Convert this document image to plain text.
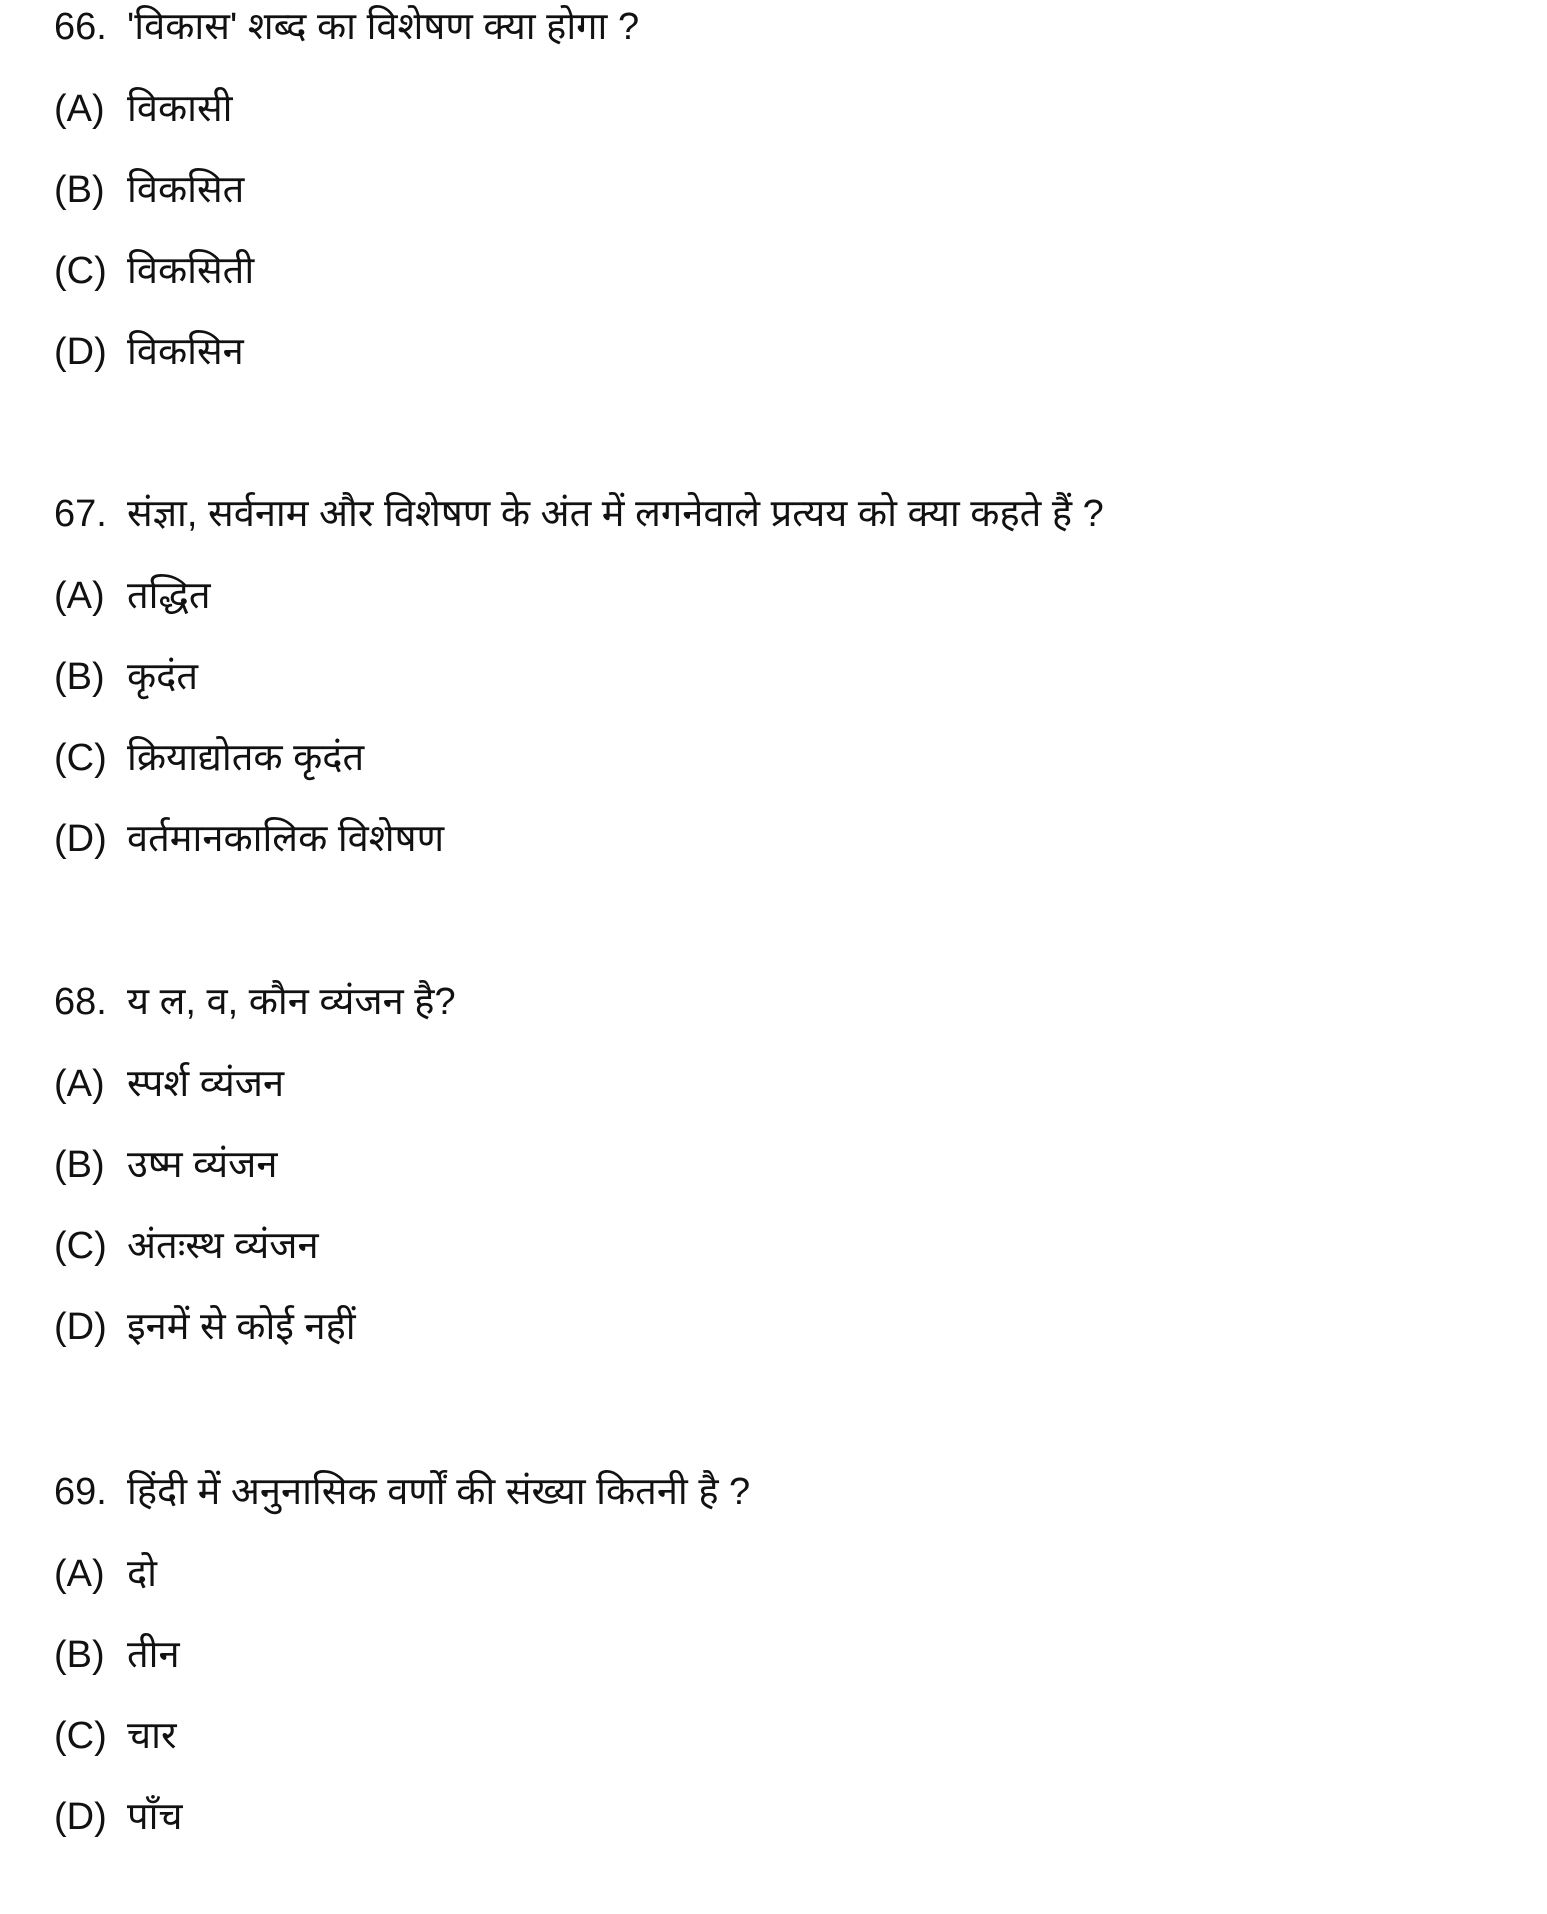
66. 'विकास' शब्द का विशेषण क्या होगा ?
(A) विकासी
(B) विकसित
(C) विकसिती
(D) विकसिन
67. संज्ञा, सर्वनाम और विशेषण के अंत में लगनेवाले प्रत्यय को क्या कहते हैं ?
(A) तद्धित
(B) कृदंत
(C) क्रियाद्योतक कृदंत
(D) वर्तमानकालिक विशेषण
68. य ल, व, कौन व्यंजन है?
(A) स्पर्श व्यंजन
(B) उष्म व्यंजन
(C) अंतःस्थ व्यंजन
(D) इनमें से कोई नहीं
69. हिंदी में अनुनासिक वर्णों की संख्या कितनी है ?
(A) दो
(B) तीन
(C) चार
(D) पाँच
